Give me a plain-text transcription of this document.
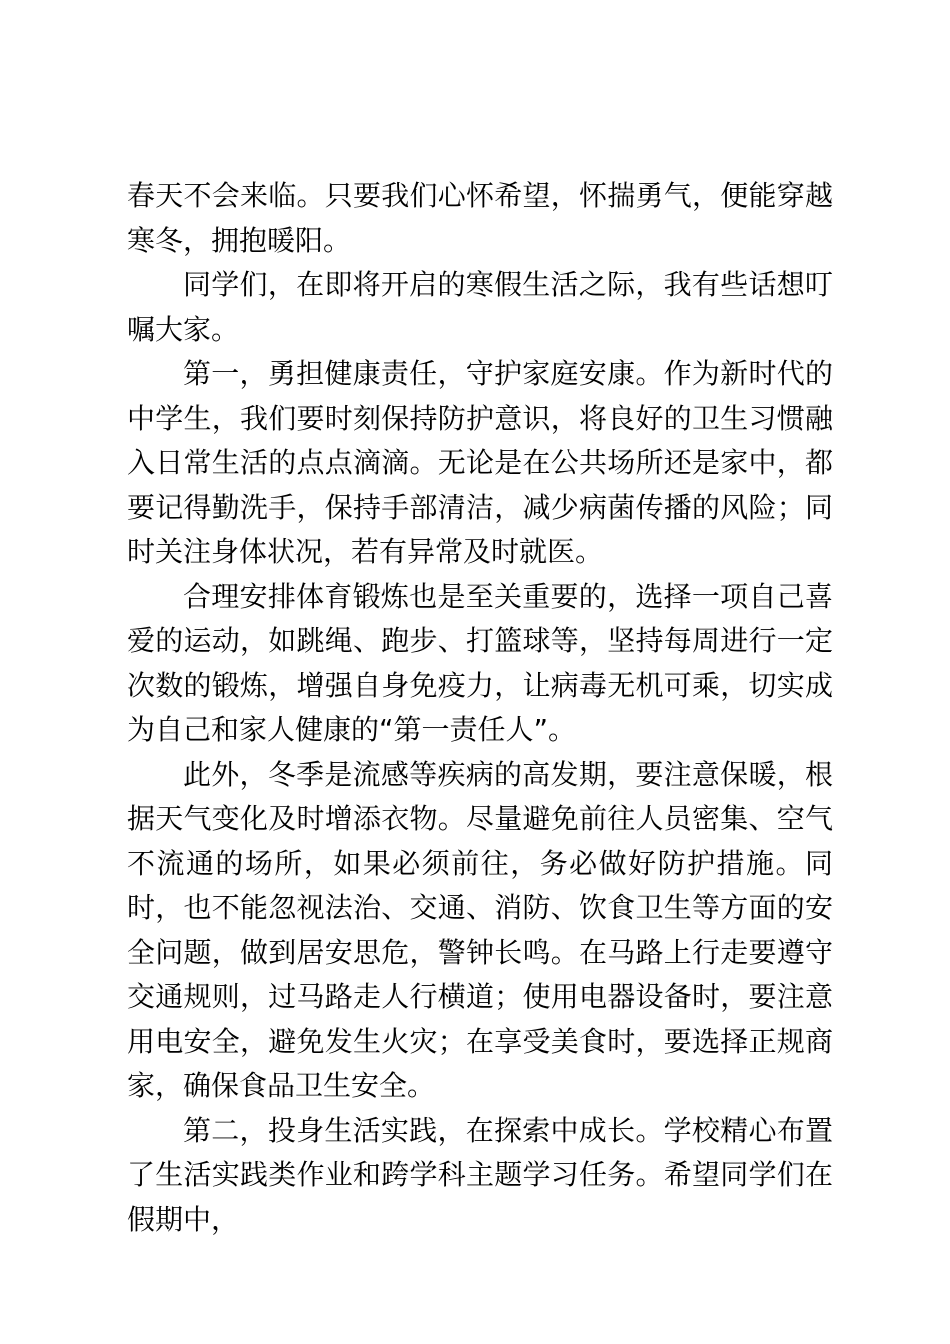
春天不会来临。只要我们心怀希望，怀揣勇气，便能穿越寒冬，拥抱暖阳。

同学们，在即将开启的寒假生活之际，我有些话想叮嘱大家。

第一，勇担健康责任，守护家庭安康。作为新时代的中学生，我们要时刻保持防护意识，将良好的卫生习惯融入日常生活的点点滴滴。无论是在公共场所还是家中，都要记得勤洗手，保持手部清洁，减少病菌传播的风险；同时关注身体状况，若有异常及时就医。

合理安排体育锻炼也是至关重要的，选择一项自己喜爱的运动，如跳绳、跑步、打篮球等，坚持每周进行一定次数的锻炼，增强自身免疫力，让病毒无机可乘，切实成为自己和家人健康的“第一责任人”。

此外，冬季是流感等疾病的高发期，要注意保暖，根据天气变化及时增添衣物。尽量避免前往人员密集、空气不流通的场所，如果必须前往，务必做好防护措施。同时，也不能忽视法治、交通、消防、饮食卫生等方面的安全问题，做到居安思危，警钟长鸣。在马路上行走要遵守交通规则，过马路走人行横道；使用电器设备时，要注意用电安全，避免发生火灾；在享受美食时，要选择正规商家，确保食品卫生安全。

第二，投身生活实践，在探索中成长。学校精心布置了生活实践类作业和跨学科主题学习任务。希望同学们在假期中，
